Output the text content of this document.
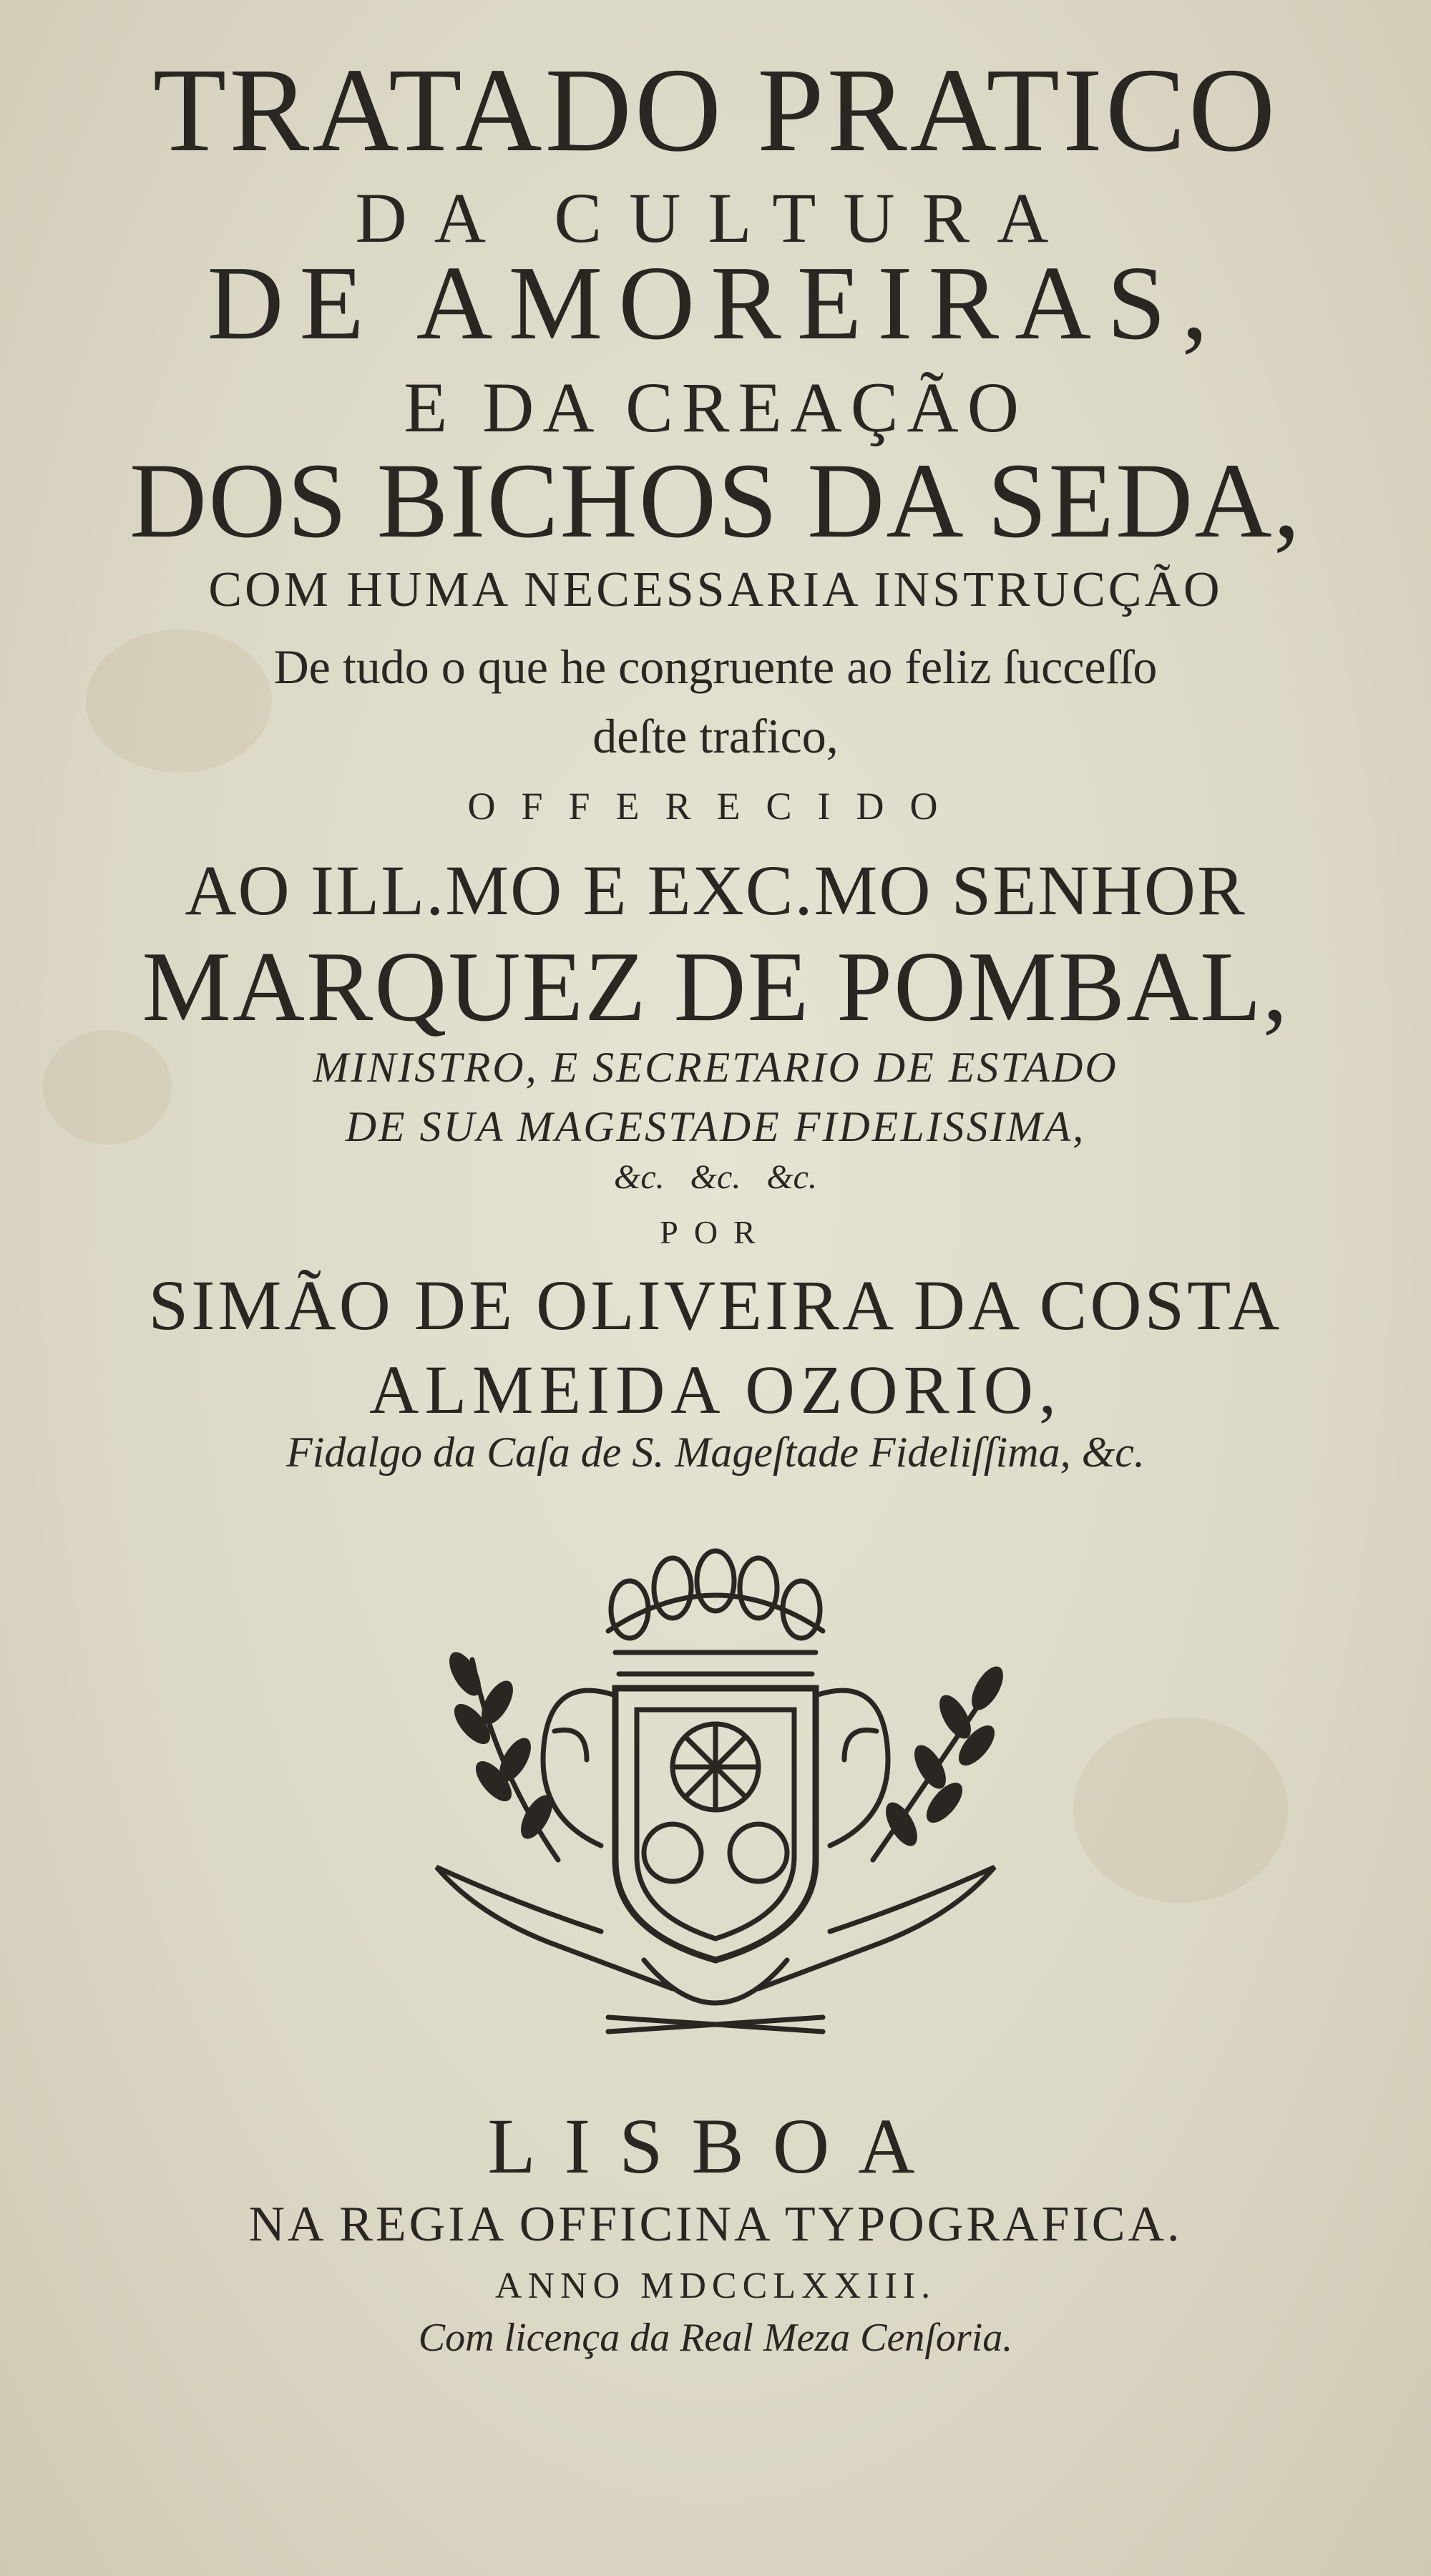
TRATADO PRATICO
DA CULTURA
DE AMOREIRAS,
E DA CREAÇÃO
DOS BICHOS DA SEDA,
COM HUMA NECESSARIA INSTRUCÇÃO
De tudo o que he congruente ao feliz ſucceſſo
deſte trafico,
OFFERECIDO
AO ILL.MO E EXC.MO SENHOR
MARQUEZ DE POMBAL,
MINISTRO, E SECRETARIO DE ESTADO
DE SUA MAGESTADE FIDELISSIMA,
&c. &c. &c.
POR
SIMÃO DE OLIVEIRA DA COSTA
ALMEIDA OZORIO,
Fidalgo da Caſa de S. Mageſtade Fideliſſima, &c.
LISBOA
NA REGIA OFFICINA TYPOGRAFICA.
ANNO MDCCLXXIII.
Com licença da Real Meza Cenſoria.
